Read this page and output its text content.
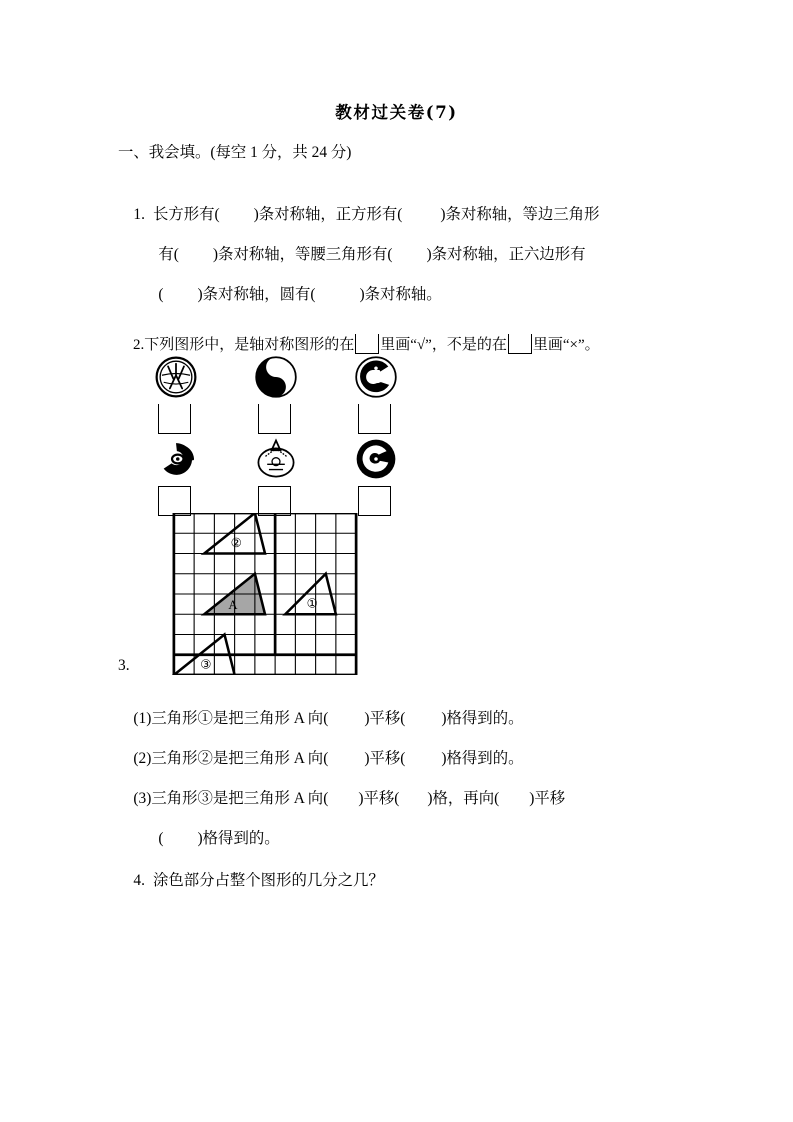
教材过关卷(7)
一、我会填。(每空 1 分，共 24 分)

1. 长方形有( )条对称轴，正方形有( )条对称轴，等边三角形

有( )条对称轴，等腰三角形有( )条对称轴，正六边形有

( )条对称轴，圆有(	)条对称轴。

2.下列图形中，是轴对称图形的在 里画“√”，不是的在 里画“×”。

A
②
①
③
3.

(1)三角形①是把三角形 A 向( )平移( )格得到的。

(2)三角形②是把三角形 A 向( )平移( )格得到的。

(3)三角形③是把三角形 A 向( )平移( )格，再向( )平移

( )格得到的。

4. 涂色部分占整个图形的几分之几？
